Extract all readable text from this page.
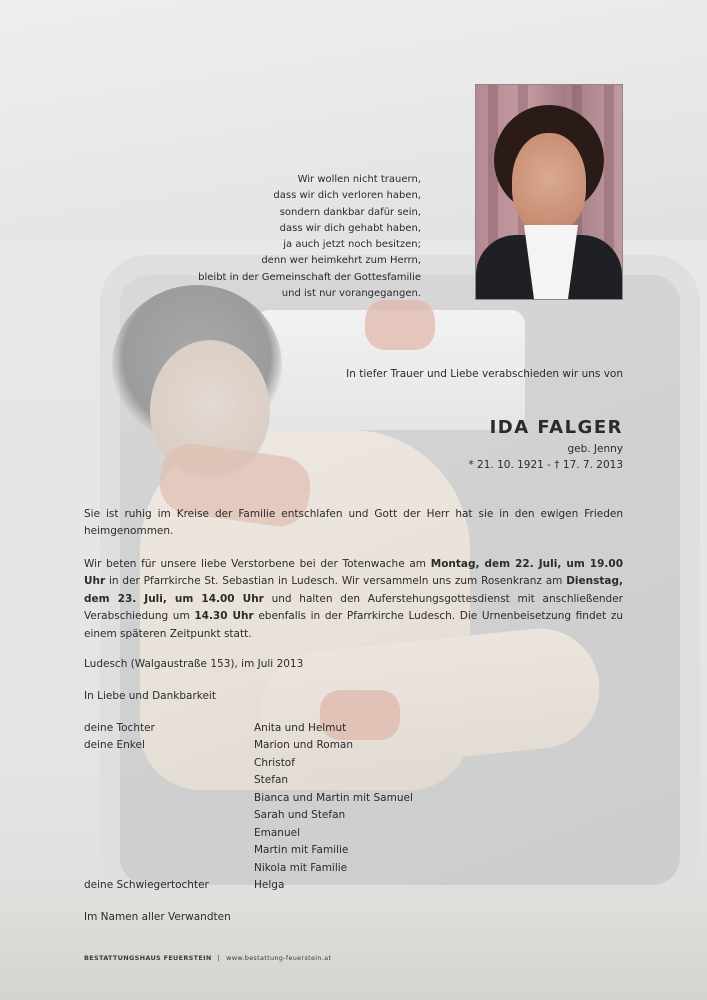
Wir wollen nicht trauern,
dass wir dich verloren haben,
sondern dankbar dafür sein,
dass wir dich gehabt haben,
ja auch jetzt noch besitzen;
denn wer heimkehrt zum Herrn,
bleibt in der Gemeinschaft der Gottesfamilie
und ist nur vorangegangen.
In tiefer Trauer und Liebe verabschieden wir uns von
IDA FALGER
geb. Jenny
* 21. 10. 1921 - † 17. 7. 2013
Sie ist ruhig im Kreise der Familie entschlafen und Gott der Herr hat sie in den ewigen Frieden heimgenommen.
Wir beten für unsere liebe Verstorbene bei der Totenwache am Montag, dem 22. Juli, um 19.00 Uhr in der Pfarrkirche St. Sebastian in Ludesch. Wir versammeln uns zum Rosenkranz am Dienstag, dem 23. Juli, um 14.00 Uhr und halten den Auferstehungsgottesdienst mit anschließender Verabschiedung um 14.30 Uhr ebenfalls in der Pfarrkirche Ludesch. Die Urnenbeisetzung findet zu einem späteren Zeitpunkt statt.
Ludesch (Walgaustraße 153), im Juli 2013
In Liebe und Dankbarkeit
deine Tochter	Anita und Helmut
deine Enkel	Marion und Roman
Christof
Stefan
Bianca und Martin mit Samuel
Sarah und Stefan
Emanuel
Martin mit Familie
Nikola mit Familie
deine Schwiegertochter	Helga
Im Namen aller Verwandten
BESTATTUNGSHAUS FEUERSTEIN | www.bestattung-feuerstein.at
